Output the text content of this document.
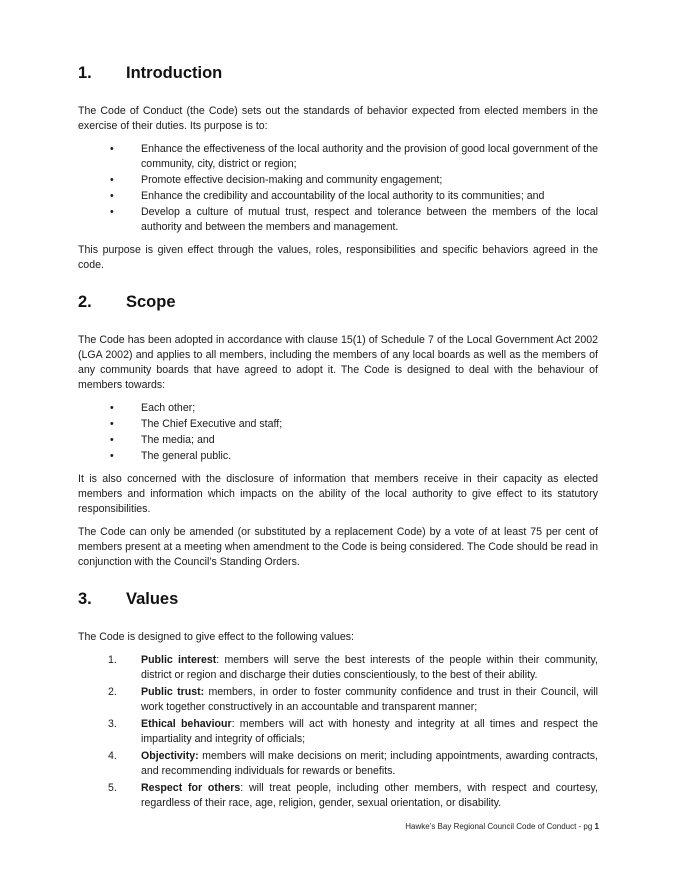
1.	Introduction

The Code of Conduct (the Code) sets out the standards of behavior expected from elected members in the exercise of their duties. Its purpose is to:

•	Enhance the effectiveness of the local authority and the provision of good local government of the community, city, district or region;
•	Promote effective decision-making and community engagement;
•	Enhance the credibility and accountability of the local authority to its communities; and
•	Develop a culture of mutual trust, respect and tolerance between the members of the local authority and between the members and management.

This purpose is given effect through the values, roles, responsibilities and specific behaviors agreed in the code.

2.	Scope

The Code has been adopted in accordance with clause 15(1) of Schedule 7 of the Local Government Act 2002 (LGA 2002) and applies to all members, including the members of any local boards as well as the members of any community boards that have agreed to adopt it. The Code is designed to deal with the behaviour of members towards:

•	Each other;
•	The Chief Executive and staff;
•	The media; and
•	The general public.

It is also concerned with the disclosure of information that members receive in their capacity as elected members and information which impacts on the ability of the local authority to give effect to its statutory responsibilities.

The Code can only be amended (or substituted by a replacement Code) by a vote of at least 75 per cent of members present at a meeting when amendment to the Code is being considered. The Code should be read in conjunction with the Council’s Standing Orders.

3.	Values

The Code is designed to give effect to the following values:

1.	Public interest: members will serve the best interests of the people within their community, district or region and discharge their duties conscientiously, to the best of their ability.
2.	Public trust: members, in order to foster community confidence and trust in their Council, will work together constructively in an accountable and transparent manner;
3.	Ethical behaviour: members will act with honesty and integrity at all times and respect the impartiality and integrity of officials;
4.	Objectivity: members will make decisions on merit; including appointments, awarding contracts, and recommending individuals for rewards or benefits.
5.	Respect for others: will treat people, including other members, with respect and courtesy, regardless of their race, age, religion, gender, sexual orientation, or disability.
Hawke’s Bay Regional Council Code of Conduct - pg 1
